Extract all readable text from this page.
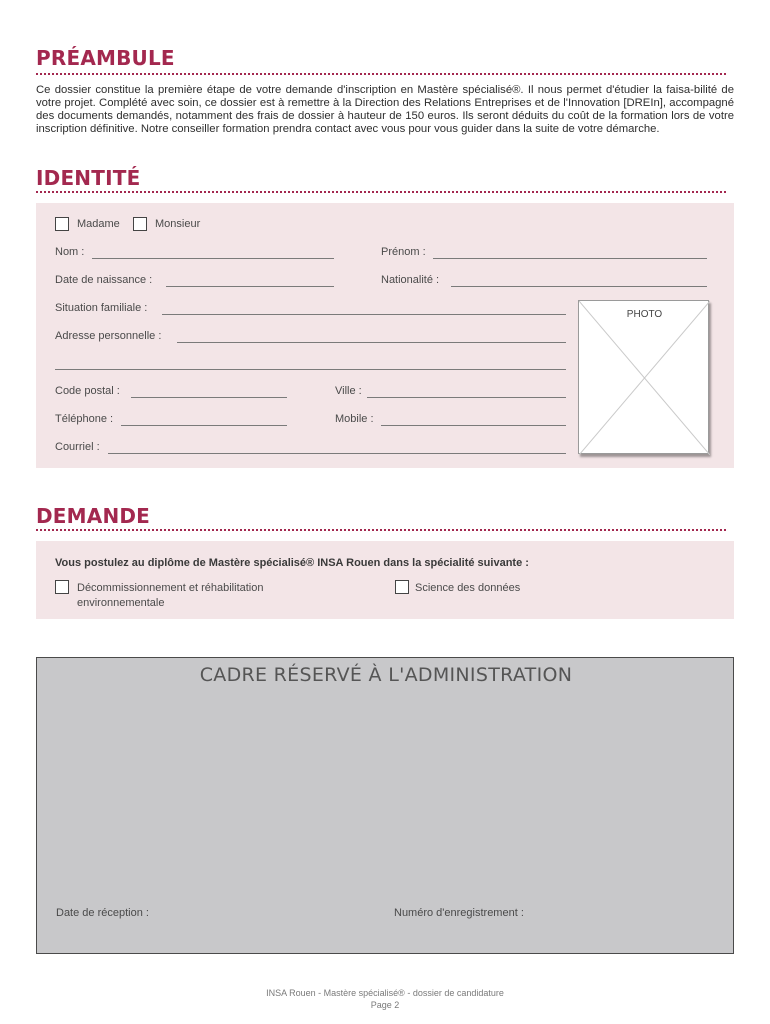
PRÉAMBULE
Ce dossier constitue la première étape de votre demande d'inscription en Mastère spécialisé®. Il nous permet d'étudier la faisa-bilité de votre projet. Complété avec soin, ce dossier est à remettre à la Direction des Relations Entreprises et de l'Innovation [DREIn], accompagné des documents demandés, notamment des frais de dossier à hauteur de 150 euros. Ils seront déduits du coût de la formation lors de votre inscription définitive. Notre conseiller formation prendra contact avec vous pour vous guider dans la suite de votre démarche.
IDENTITÉ
Madame	Monsieur
Nom :	Prénom :
Date de naissance :	Nationalité :
Situation familiale :
Adresse personnelle :
Code postal :	Ville :
Téléphone :	Mobile :
Courriel :
PHOTO
DEMANDE
Vous postulez au diplôme de Mastère spécialisé® INSA Rouen dans la spécialité suivante :
Décommissionnement et réhabilitation
environnementale
Science des données
CADRE RÉSERVÉ À L'ADMINISTRATION
Date de réception :	Numéro d'enregistrement :
INSA Rouen - Mastère spécialisé® - dossier de candidature
Page 2
